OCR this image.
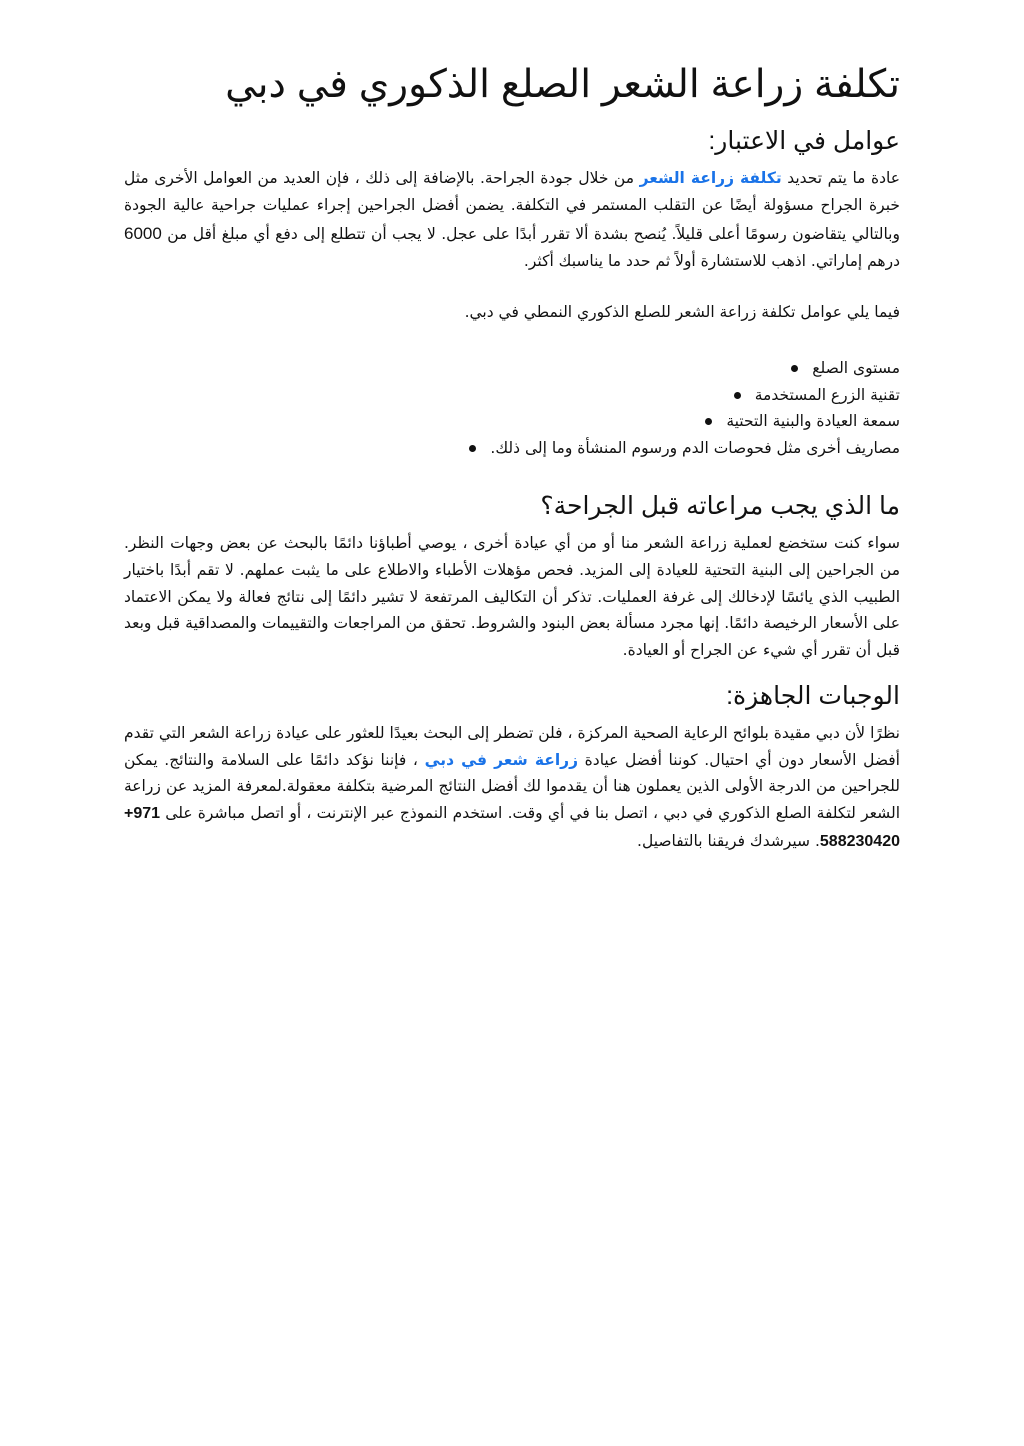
تكلفة زراعة الشعر الصلع الذكوري في دبي
عوامل في الاعتبار:

عادة ما يتم تحديد تكلفة زراعة الشعر من خلال جودة الجراحة. بالإضافة إلى ذلك ، فإن العديد من العوامل الأخرى مثل خبرة الجراح مسؤولة أيضًا عن التقلب المستمر في التكلفة. يضمن أفضل الجراحين إجراء عمليات جراحية عالية الجودة وبالتالي يتقاضون رسومًا أعلى قليلاً. يُنصح بشدة ألا تقرر أبدًا على عجل. لا يجب أن تتطلع إلى دفع أي مبلغ أقل من 6000 درهم إماراتي. اذهب للاستشارة أولاً ثم حدد ما يناسبك أكثر.

فيما يلي عوامل تكلفة زراعة الشعر للصلع الذكوري النمطي في دبي.

مستوى الصلع
تقنية الزرع المستخدمة
سمعة العيادة والبنية التحتية
مصاريف أخرى مثل فحوصات الدم ورسوم المنشأة وما إلى ذلك.
ما الذي يجب مراعاته قبل الجراحة؟

سواء كنت ستخضع لعملية زراعة الشعر منا أو من أي عيادة أخرى ، يوصي أطباؤنا دائمًا بالبحث عن بعض وجهات النظر. من الجراحين إلى البنية التحتية للعيادة إلى المزيد. فحص مؤهلات الأطباء والاطلاع على ما يثبت عملهم. لا تقم أبدًا باختيار الطبيب الذي يائسًا لإدخالك إلى غرفة العمليات. تذكر أن التكاليف المرتفعة لا تشير دائمًا إلى نتائج فعالة ولا يمكن الاعتماد على الأسعار الرخيصة دائمًا. إنها مجرد مسألة بعض البنود والشروط. تحقق من المراجعات والتقييمات والمصداقية قبل وبعد قبل أن تقرر أي شيء عن الجراح أو العيادة.

الوجبات الجاهزة:

نظرًا لأن دبي مقيدة بلوائح الرعاية الصحية المركزة ، فلن تضطر إلى البحث بعيدًا للعثور على عيادة زراعة الشعر التي تقدم أفضل الأسعار دون أي احتيال. كوننا أفضل عيادة زراعة شعر في دبي ، فإننا نؤكد دائمًا على السلامة والنتائج. يمكن للجراحين من الدرجة الأولى الذين يعملون هنا أن يقدموا لك أفضل النتائج المرضية بتكلفة معقولة.لمعرفة المزيد عن زراعة الشعر لتكلفة الصلع الذكوري في دبي ، اتصل بنا في أي وقت. استخدم النموذج عبر الإنترنت ، أو اتصل مباشرة على +971 588230420. سيرشدك فريقنا بالتفاصيل.
